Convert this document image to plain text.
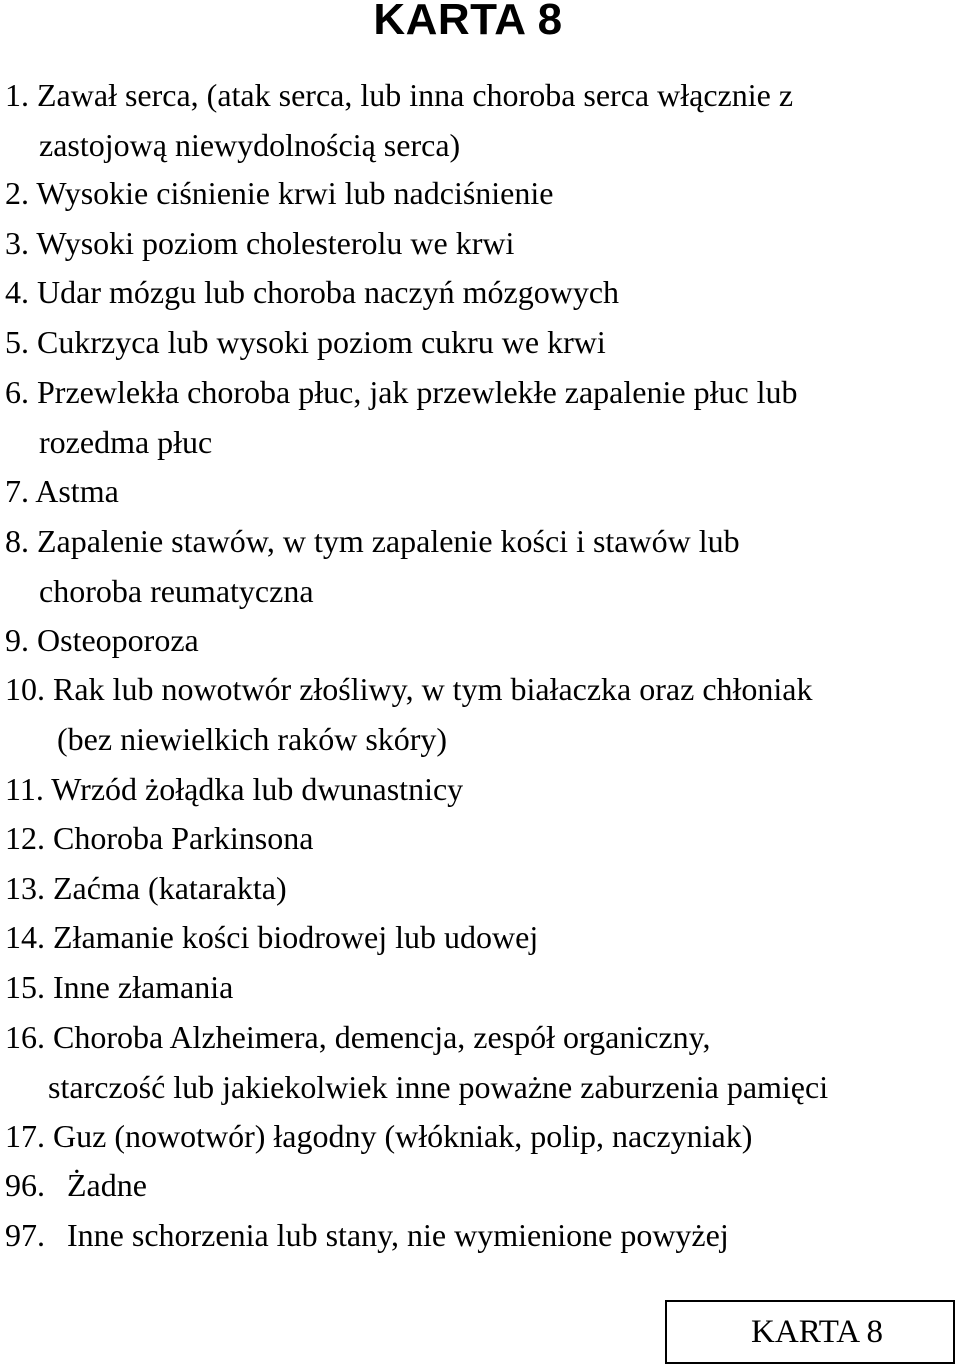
KARTA 8
1. Zawał serca, (atak serca, lub inna choroba serca włącznie z
zastojową niewydolnością serca)
2. Wysokie ciśnienie krwi lub nadciśnienie
3. Wysoki poziom cholesterolu we krwi
4. Udar mózgu lub choroba naczyń mózgowych
5. Cukrzyca lub wysoki poziom cukru we krwi
6. Przewlekła choroba płuc, jak przewlekłe zapalenie płuc lub
rozedma płuc
7. Astma
8. Zapalenie stawów, w tym zapalenie kości i stawów lub
choroba reumatyczna
9. Osteoporoza
10. Rak lub nowotwór złośliwy, w tym białaczka oraz chłoniak
(bez niewielkich raków skóry)
11. Wrzód żołądka lub dwunastnicy
12. Choroba Parkinsona
13. Zaćma (katarakta)
14. Złamanie kości biodrowej lub udowej
15. Inne złamania
16. Choroba Alzheimera, demencja, zespół organiczny,
starczość lub jakiekolwiek inne poważne zaburzenia pamięci
17. Guz (nowotwór) łagodny (włókniak, polip, naczyniak)
96. Żadne
97. Inne schorzenia lub stany, nie wymienione powyżej
KARTA 8
